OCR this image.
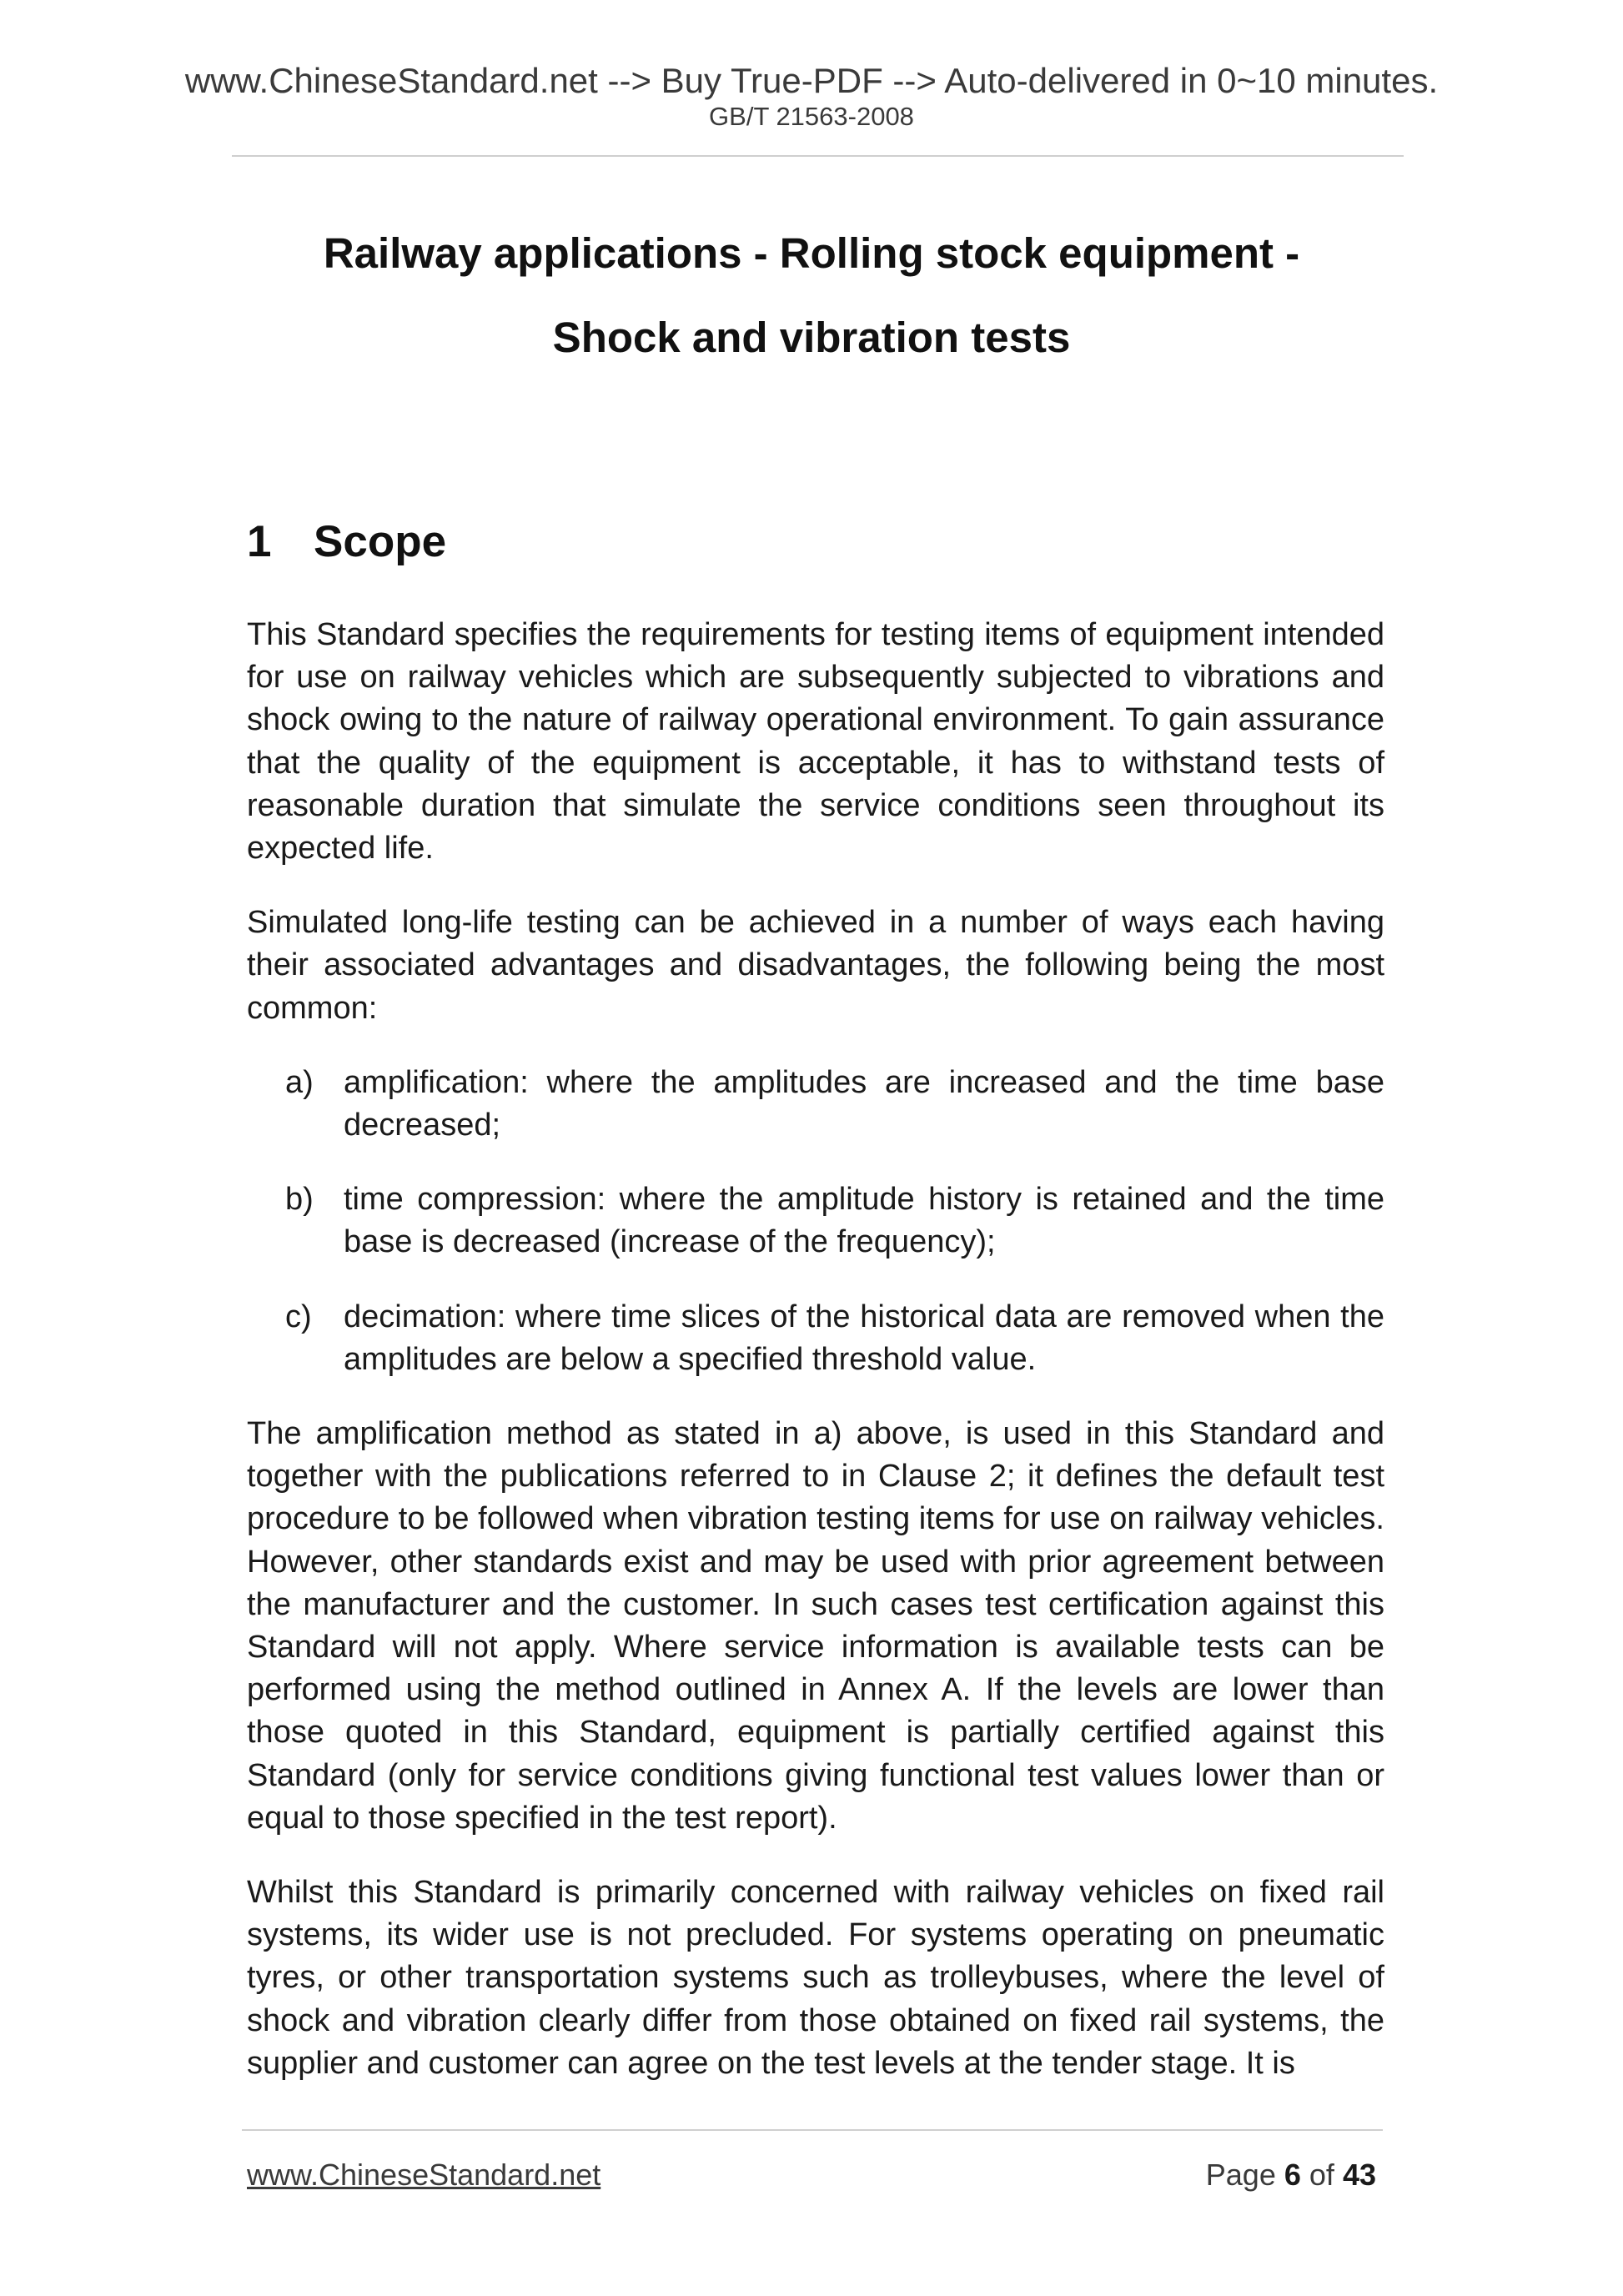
www.ChineseStandard.net --> Buy True-PDF --> Auto-delivered in 0~10 minutes.
GB/T 21563-2008
Railway applications - Rolling stock equipment -
Shock and vibration tests
1 Scope

This Standard specifies the requirements for testing items of equipment intended for use on railway vehicles which are subsequently subjected to vibrations and shock owing to the nature of railway operational environment. To gain assurance that the quality of the equipment is acceptable, it has to withstand tests of reasonable duration that simulate the service conditions seen throughout its expected life.

Simulated long-life testing can be achieved in a number of ways each having their associated advantages and disadvantages, the following being the most common:

a) amplification: where the amplitudes are increased and the time base decreased;

b) time compression: where the amplitude history is retained and the time base is decreased (increase of the frequency);

c) decimation: where time slices of the historical data are removed when the amplitudes are below a specified threshold value.

The amplification method as stated in a) above, is used in this Standard and together with the publications referred to in Clause 2; it defines the default test procedure to be followed when vibration testing items for use on railway vehicles. However, other standards exist and may be used with prior agreement between the manufacturer and the customer. In such cases test certification against this Standard will not apply. Where service information is available tests can be performed using the method outlined in Annex A. If the levels are lower than those quoted in this Standard, equipment is partially certified against this Standard (only for service conditions giving functional test values lower than or equal to those specified in the test report).

Whilst this Standard is primarily concerned with railway vehicles on fixed rail systems, its wider use is not precluded. For systems operating on pneumatic tyres, or other transportation systems such as trolleybuses, where the level of shock and vibration clearly differ from those obtained on fixed rail systems, the supplier and customer can agree on the test levels at the tender stage. It is

www.ChineseStandard.net	Page 6 of 43
